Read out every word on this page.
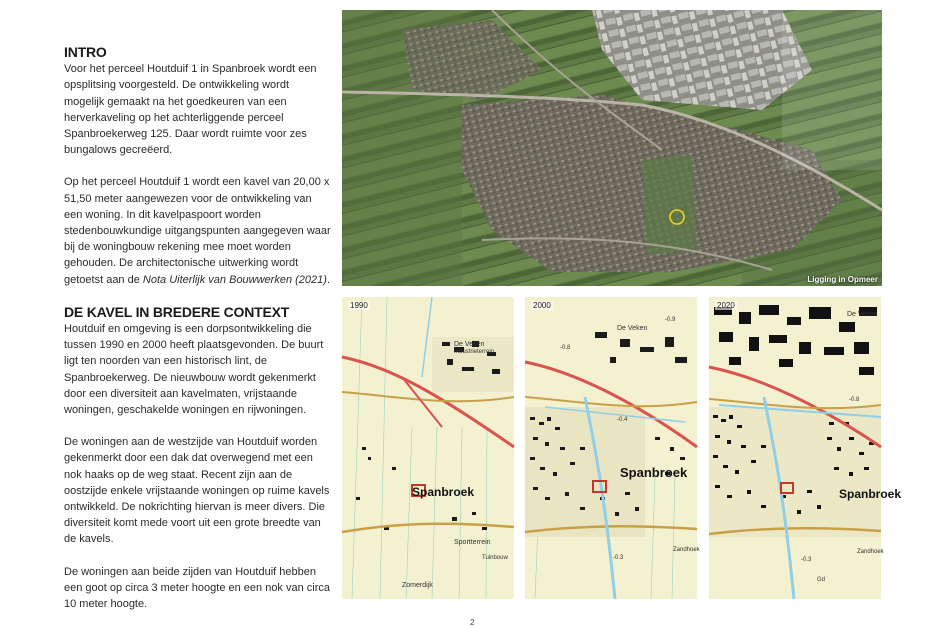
INTRO

Voor het perceel Houtduif 1 in Spanbroek wordt een opsplitsing voorgesteld. De ontwikkeling wordt mogelijk gemaakt na het goedkeuren van een herverkaveling op het achterliggende perceel Spanbroekerweg 125. Daar wordt ruimte voor zes bungalows gecreëerd.

Op het perceel Houtduif 1 wordt een kavel van 20,00 x 51,50 meter aangewezen voor de ontwikkeling van een woning. In dit kavelpaspoort worden stedenbouwkundige uitgangspunten aangegeven waar bij de woningbouw rekening mee moet worden gehouden. De architectonische uitwerking wordt getoetst aan de Nota Uiterlijk van Bouwwerken (2021).

DE KAVEL IN BREDERE CONTEXT

Houtduif en omgeving is een dorpsontwikkeling die tussen 1990 en 2000 heeft plaatsgevonden. De buurt ligt ten noorden van een historisch lint, de Spanbroekerweg. De nieuwbouw wordt gekenmerkt door een diversiteit aan kavelmaten, vrijstaande woningen, geschakelde woningen en rijwoningen.

De woningen aan de westzijde van Houtduif worden gekenmerkt door een dak dat overwegend met een nok haaks op de weg staat. Recent zijn aan de oostzijde enkele vrijstaande woningen op ruime kavels ontwikkeld. De nokrichting hiervan is meer divers. Die diversiteit komt mede voort uit een grote breedte van de kavels.

De woningen aan beide zijden van Houtduif hebben een goot op circa 3 meter hoogte en een nok van circa 10 meter hoogte.

Ligging in Opmeer
1990
De Veken
Industrieterrein
Spanbroek
Sportterrein
Zomerdijk
Tuinbouw
2000
De Veken
Spanbroek
Zandhoek
-0.9
-0.8
-0.4
-0.3
2020
De Veken
Spanbroek
Zandhoek
-0.3
-0.8
Gd
2
